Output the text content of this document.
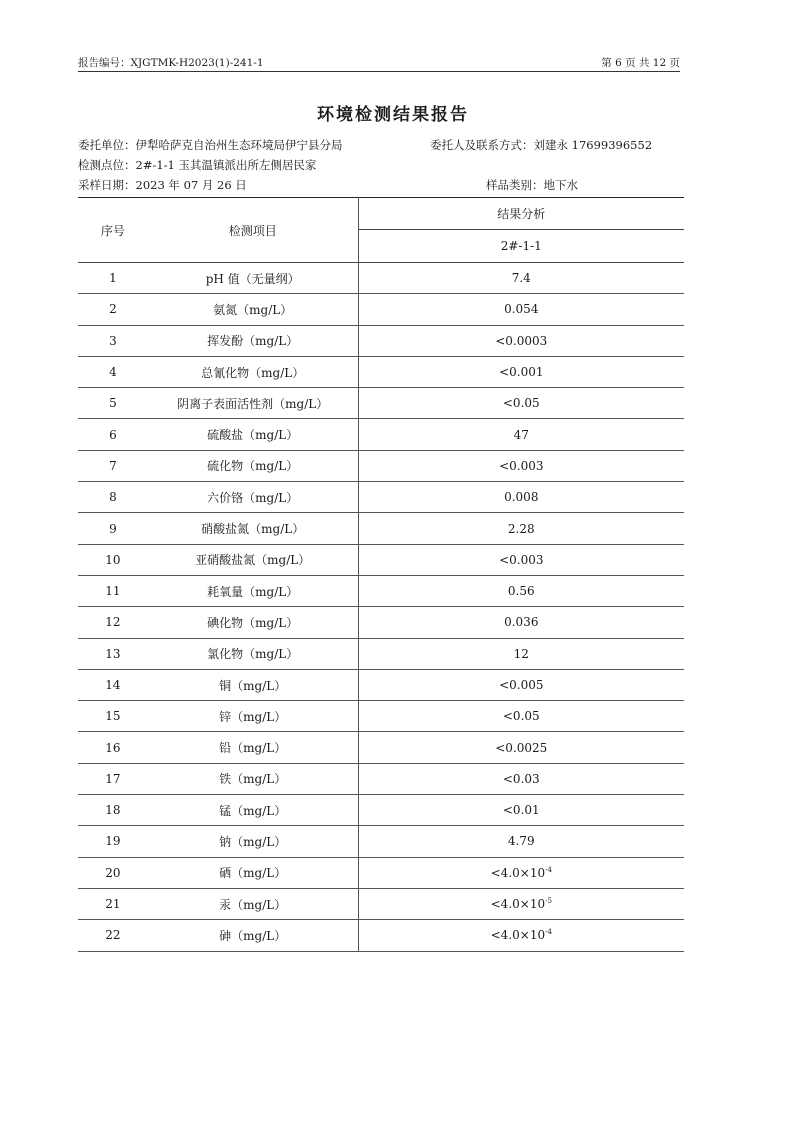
报告编号：XJGTMK-H2023(1)-241-1	第 6 页 共 12 页
环境检测结果报告
委托单位：伊犁哈萨克自治州生态环境局伊宁县分局	委托人及联系方式：刘建永 17699396552
检测点位：2#-1-1 玉其温镇派出所左侧居民家
采样日期：2023 年 07 月 26 日	样品类别：地下水
序号	检测项目	结果分析
		2#-1-1
1	pH 值（无量纲）	7.4
2	氨氮（mg/L）	0.054
3	挥发酚（mg/L）	<0.0003
4	总氰化物（mg/L）	<0.001
5	阴离子表面活性剂（mg/L）	<0.05
6	硫酸盐（mg/L）	47
7	硫化物（mg/L）	<0.003
8	六价铬（mg/L）	0.008
9	硝酸盐氮（mg/L）	2.28
10	亚硝酸盐氮（mg/L）	<0.003
11	耗氧量（mg/L）	0.56
12	碘化物（mg/L）	0.036
13	氯化物（mg/L）	12
14	铜（mg/L）	<0.005
15	锌（mg/L）	<0.05
16	铅（mg/L）	<0.0025
17	铁（mg/L）	<0.03
18	锰（mg/L）	<0.01
19	钠（mg/L）	4.79
20	硒（mg/L）	$<4.0\times 10^{-4}$
21	汞（mg/L）	$<4.0\times 10^{-5}$
22	砷（mg/L）	$<4.0\times 10^{-4}$
